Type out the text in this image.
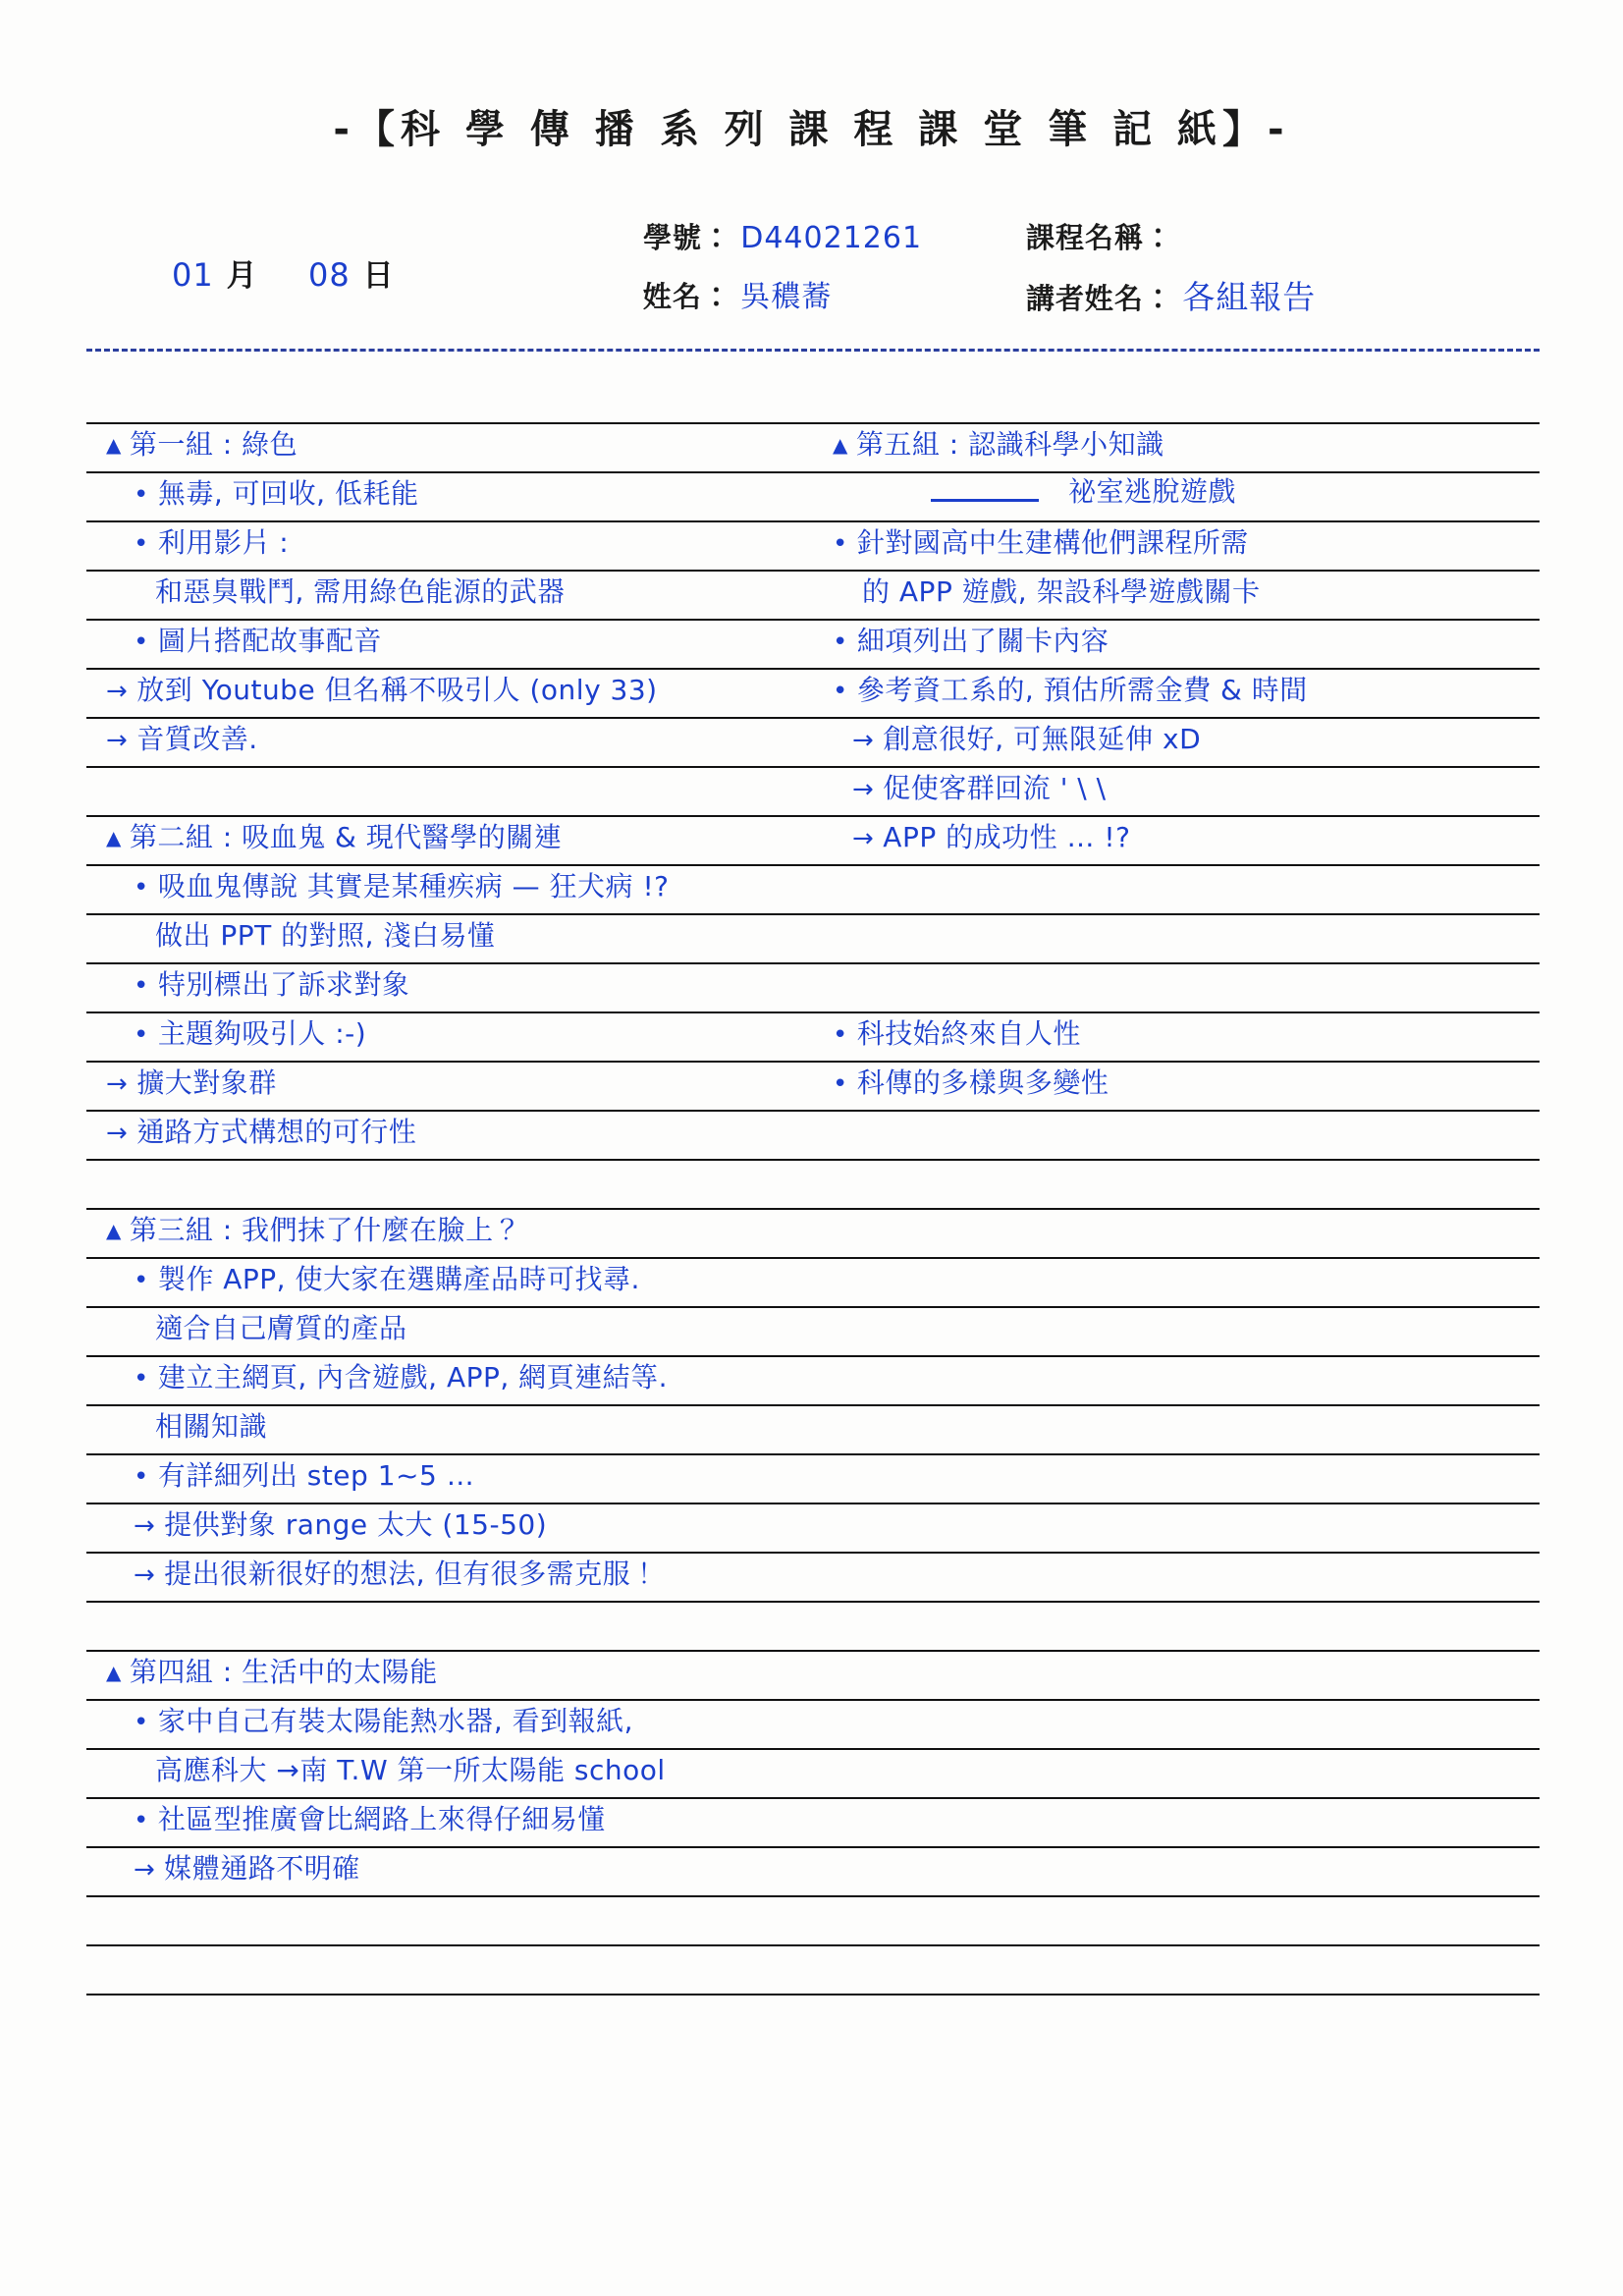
-【科 學 傳 播 系 列 課 程 課 堂 筆 記 紙】-
01 月 08 日
學號： D44021261
姓名： 吳穠蕎
課程名稱：
講者姓名： 各組報告
▲ 第一組 : 綠色
• 無毒, 可回收, 低耗能
• 利用影片 :
和惡臭戰鬥, 需用綠色能源的武器
• 圖片搭配故事配音
→ 放到 Youtube 但名稱不吸引人 (only 33)
→ 音質改善.
▲ 第二組 : 吸血鬼 & 現代醫學的關連
• 吸血鬼傳說 其實是某種疾病 — 狂犬病 !?
做出 PPT 的對照, 淺白易懂
• 特別標出了訴求對象
• 主題夠吸引人 :-)
→ 擴大對象群
→ 通路方式構想的可行性
▲ 第三組 : 我們抹了什麼在臉上？
• 製作 APP, 使大家在選購產品時可找尋.
適合自己膚質的產品
• 建立主網頁, 內含遊戲, APP, 網頁連結等.
相關知識
• 有詳細列出 step 1~5 …
→ 提供對象 range 太大 (15-50)
→ 提出很新很好的想法, 但有很多需克服！
▲ 第四組 : 生活中的太陽能
• 家中自己有裝太陽能熱水器, 看到報紙,
高應科大 →南 T.W 第一所太陽能 school
• 社區型推廣會比網路上來得仔細易懂
→ 媒體通路不明確
▲ 第五組 : 認識科學小知識
祕室逃脫遊戲
• 針對國高中生建構他們課程所需
的 APP 遊戲, 架設科學遊戲關卡
• 細項列出了關卡內容
• 參考資工系的, 預估所需金費 & 時間
→ 創意很好, 可無限延伸 xD
→ 促使客群回流 ' \ \
→ APP 的成功性 … !?
• 科技始終來自人性
• 科傳的多樣與多變性
